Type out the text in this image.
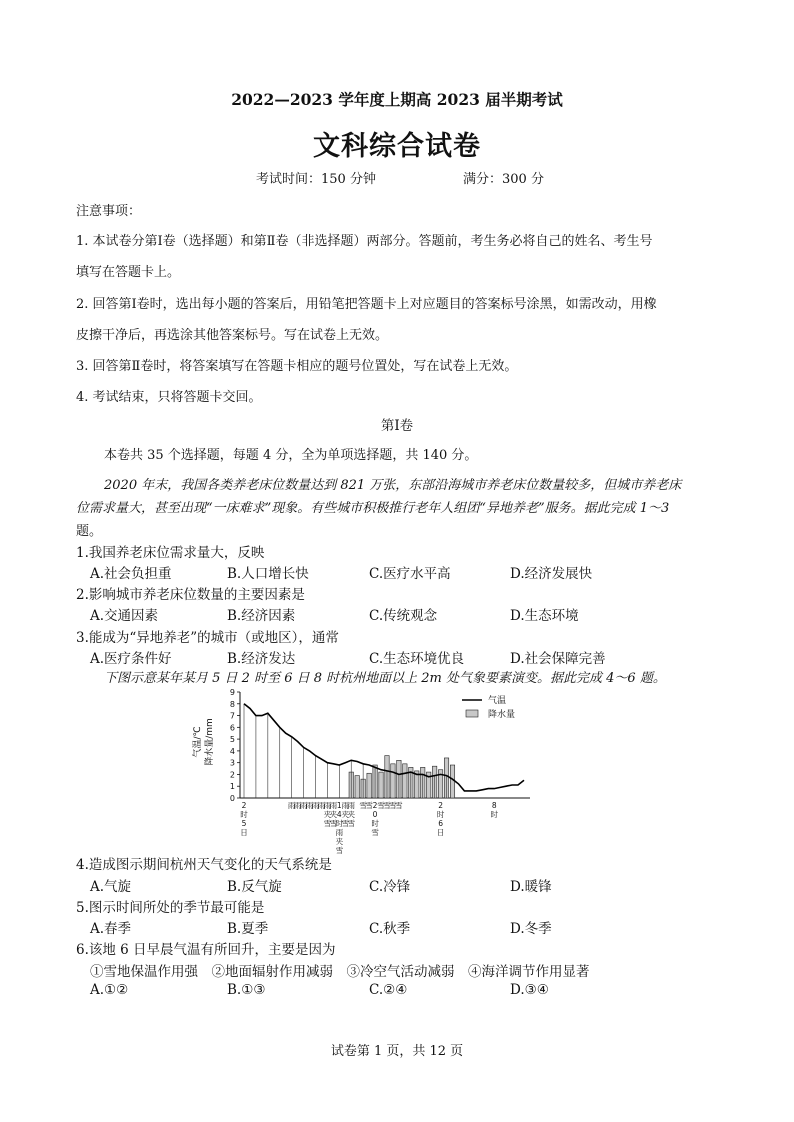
2022—2023 学年度上期高 2023 届半期考试
文科综合试卷
考试时间：150 分钟	满分：300 分
注意事项：
1. 本试卷分第Ⅰ卷（选择题）和第Ⅱ卷（非选择题）两部分。答题前，考生务必将自己的姓名、考生号
填写在答题卡上。
2. 回答第Ⅰ卷时，选出每小题的答案后，用铅笔把答题卡上对应题目的答案标号涂黑，如需改动，用橡
皮擦干净后，再选涂其他答案标号。写在试卷上无效。
3. 回答第Ⅱ卷时，将答案填写在答题卡相应的题号位置处，写在试卷上无效。
4. 考试结束，只将答题卡交回。
第Ⅰ卷
本卷共 35 个选择题，每题 4 分，全为单项选择题，共 140 分。
2020 年末，我国各类养老床位数量达到 821 万张，东部沿海城市养老床位数量较多，但城市养老床
位需求量大，甚至出现“一床难求”现象。有些城市积极推行老年人组团“异地养老”服务。据此完成 1～3
题。
1.我国养老床位需求量大，反映
A.社会负担重	B.人口增长快	C.医疗水平高	D.经济发展快
2.影响城市养老床位数量的主要因素是
A.交通因素	B.经济因素	C.传统观念	D.生态环境
3.能成为“异地养老”的城市（或地区），通常
A.医疗条件好	B.经济发达	C.生态环境优良	D.社会保障完善
下图示意某年某月 5 日 2 时至 6 日 8 时杭州地面以上 2m 处气象要素演变。据此完成 4～6 题。
0
1
2
3
4
5
6
7
8
9
气温/℃ 降水量/mm
气温
降水量
2
时
5
日
雨
雨
雨
雨
雨
雨
雨
夹
雪
雨
夹
雪
1
4
时
雨
夹
雪
雨
夹
雪
雨
夹
雪
雪
雪 2
0
时
雪
雪
雪
雪
雪	2
时
6
日
8
时
4.造成图示期间杭州天气变化的天气系统是
A.气旋	B.反气旋	C.冷锋	D.暖锋
5.图示时间所处的季节最可能是
A.春季	B.夏季	C.秋季	D.冬季
6.该地 6 日早晨气温有所回升，主要是因为
①雪地保温作用强　②地面辐射作用减弱　③冷空气活动减弱　④海洋调节作用显著
A.①②	B.①③	C.②④	D.③④
试卷第 1 页，共 12 页
